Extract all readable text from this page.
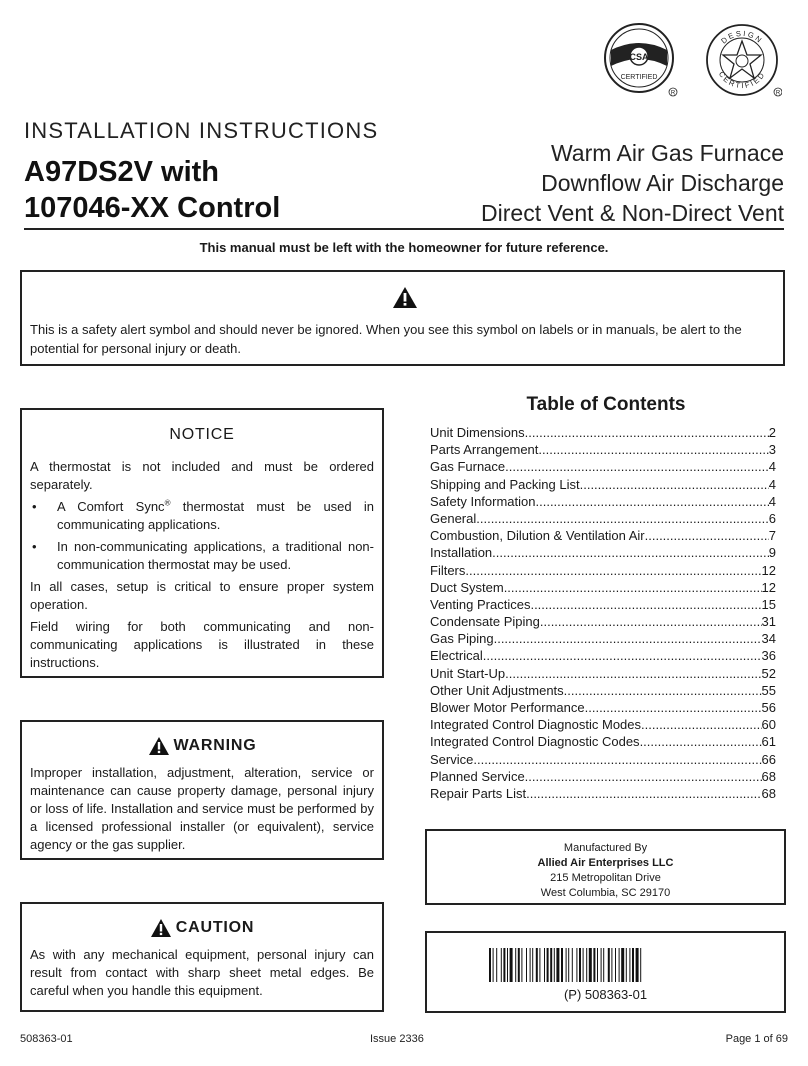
CSA
CERTIFIED
R
DESIGN
CERTIFIED
R
INSTALLATION INSTRUCTIONS
A97DS2V with
107046-XX Control
Warm Air Gas Furnace
Downflow Air Discharge
Direct Vent & Non-Direct Vent
This manual must be left with the homeowner for future reference.
This is a safety alert symbol and should never be ignored. When you see this symbol on labels or in manuals, be alert to the potential for personal injury or death.
NOTICE

A thermostat is not included and must be ordered separately.

• A Comfort Sync® thermostat must be used in communicating applications.
• In non-communicating applications, a traditional non-communication thermostat may be used.

In all cases, setup is critical to ensure proper system operation.

Field wiring for both communicating and non-communicating applications is illustrated in these instructions.

WARNING
Improper installation, adjustment, alteration, service or maintenance can cause property damage, personal injury or loss of life. Installation and service must be performed by a licensed professional installer (or equivalent), service agency or the gas supplier.
CAUTION
As with any mechanical equipment, personal injury can result from contact with sharp sheet metal edges. Be careful when you handle this equipment.
Table of Contents
Unit Dimensions .....	2
Parts Arrangement .....	3
Gas Furnace .....	4
Shipping and Packing List .....	4
Safety Information .....	4
General .....	6
Combustion, Dilution & Ventilation Air .....	7
Installation .....	9
Filters .....	12
Duct System .....	12
Venting Practices .....	15
Condensate Piping .....	31
Gas Piping .....	34
Electrical .....	36
Unit Start-Up .....	52
Other Unit Adjustments .....	55
Blower Motor Performance .....	56
Integrated Control Diagnostic Modes .....	60
Integrated Control Diagnostic Codes .....	61
Service .....	66
Planned Service .....	68
Repair Parts List .....	68
Manufactured By
Allied Air Enterprises LLC
215 Metropolitan Drive
West Columbia, SC 29170
(P) 508363-01
508363-01	Issue 2336	Page 1 of 69
